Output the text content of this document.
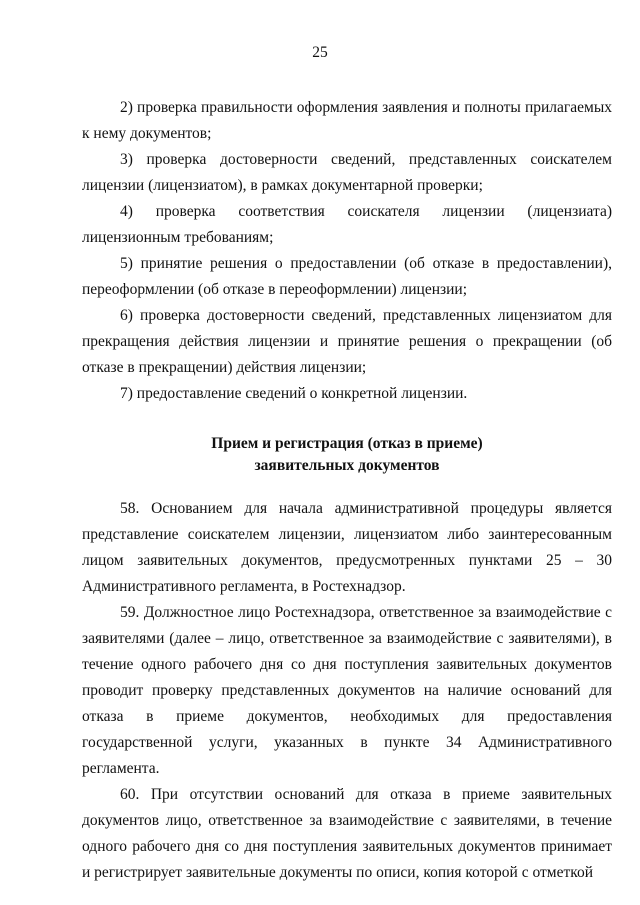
25

2) проверка правильности оформления заявления и полноты прилагаемых к нему документов;

3) проверка достоверности сведений, представленных соискателем лицензии (лицензиатом), в рамках документарной проверки;

4) проверка соответствия соискателя лицензии (лицензиата) лицензионным требованиям;

5) принятие решения о предоставлении (об отказе в предоставлении), переоформлении (об отказе в переоформлении) лицензии;

6) проверка достоверности сведений, представленных лицензиатом для прекращения действия лицензии и принятие решения о прекращении (об отказе в прекращении) действия лицензии;

7) предоставление сведений о конкретной лицензии.

Прием и регистрация (отказ в приеме)
заявительных документов

58. Основанием для начала административной процедуры является представление соискателем лицензии, лицензиатом либо заинтересованным лицом заявительных документов, предусмотренных пунктами 25 – 30 Административного регламента, в Ростехнадзор.

59. Должностное лицо Ростехнадзора, ответственное за взаимодействие с заявителями (далее – лицо, ответственное за взаимодействие с заявителями), в течение одного рабочего дня со дня поступления заявительных документов проводит проверку представленных документов на наличие оснований для отказа в приеме документов, необходимых для предоставления государственной услуги, указанных в пункте 34 Административного регламента.

60. При отсутствии оснований для отказа в приеме заявительных документов лицо, ответственное за взаимодействие с заявителями, в течение одного рабочего дня со дня поступления заявительных документов принимает и регистрирует заявительные документы по описи, копия которой с отметкой
